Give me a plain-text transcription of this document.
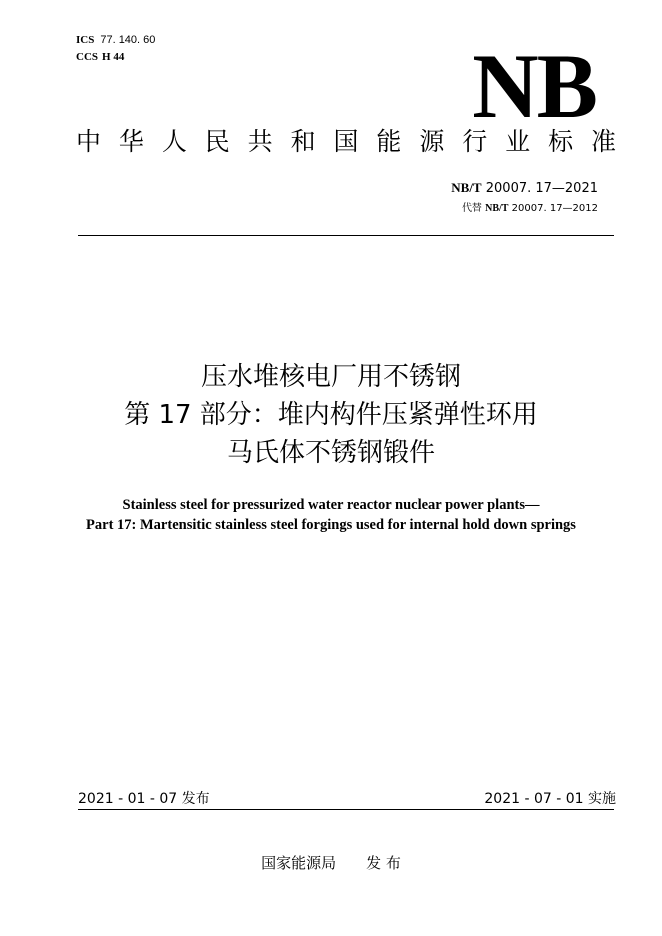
ICS 77. 140. 60
CCS H 44	NB
中华人民共和国能源行业标准
NB/T 20007. 17—2021
代替 NB/T 20007. 17—2012
压水堆核电厂用不锈钢
第 17 部分：堆内构件压紧弹性环用
马氏体不锈钢锻件
Stainless steel for pressurized water reactor nuclear power plants—
Part 17: Martensitic stainless steel forgings used for internal hold down springs
2021 - 01 - 07 发布	2021 - 07 - 01 实施
国家能源局 发 布
